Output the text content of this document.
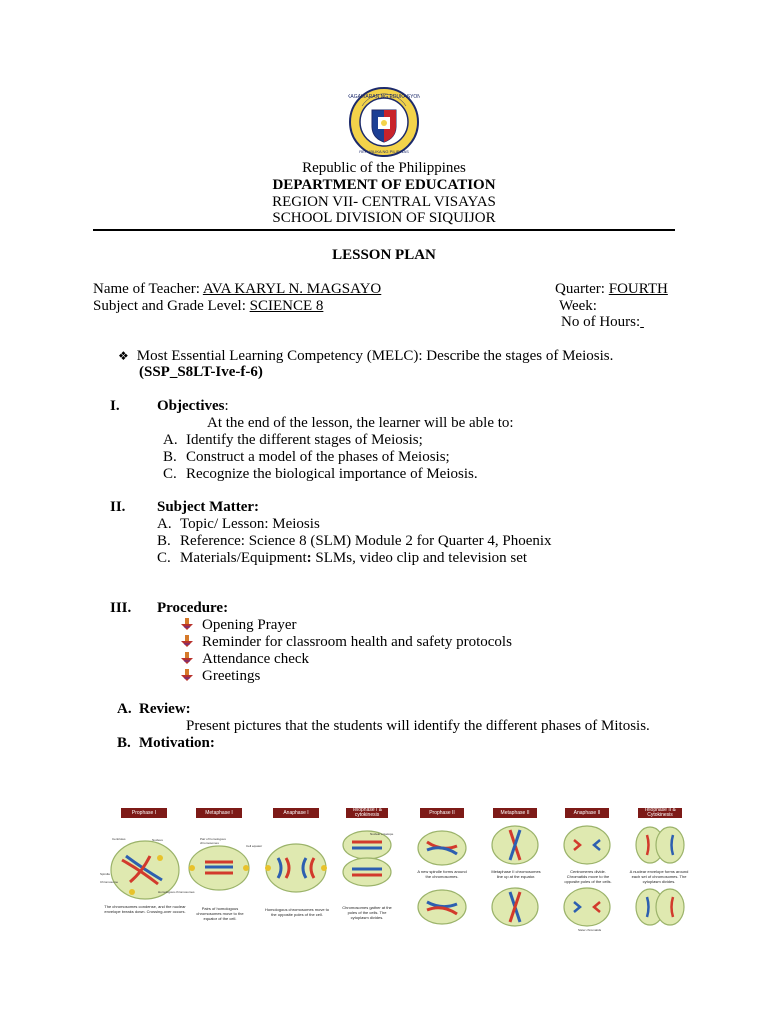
KAGAWARAN NG EDUKASYON
REPUBLIKA NG PILIPINAS
Republic of the Philippines
DEPARTMENT OF EDUCATION
REGION VII- CENTRAL VISAYAS
SCHOOL DIVISION OF SIQUIJOR
LESSON PLAN
Name of Teacher: AVA KARYL N. MAGSAYO
Subject and Grade Level: SCIENCE 8
Quarter: FOURTH
Week:
No of Hours:
❖ Most Essential Learning Competency (MELC): Describe the stages of Meiosis.
(SSP_S8LT-Ive-f-6)
I. Objectives:
At the end of the lesson, the learner will be able to:
A. Identify the different stages of Meiosis;
B. Construct a model of the phases of Meiosis;
C. Recognize the biological importance of Meiosis.
II. Subject Matter:
A. Topic/ Lesson: Meiosis
B. Reference: Science 8 (SLM) Module 2 for Quarter 4, Phoenix
C. Materials/Equipment: SLMs, video clip and television set
III. Procedure:
Opening Prayer
Reminder for classroom health and safety protocols
Attendance check
Greetings
A. Review:
Present pictures that the students will identify the different phases of Mitosis.
B. Motivation:
Prophase I	Metaphase I	Anaphase I	Telophase I & cytokinesis	Prophase II	Metaphase II	Anaphase II	Telophase II & Cytokinesis
Centrioles	Nucleus
Spindle
Chromosome
Homologous chromosomes
Pair of homologous chromosomes
Cell equator
Nuclear envelope
Sister chromatids
The chromosomes condense, and the nuclear envelope breaks down. Crossing-over occurs.
Pairs of homologous chromosomes move to the equator of the cell.
Homologous chromosomes move to the opposite poles of the cell.
Chromosomes gather at the poles of the cells. The cytoplasm divides.
A new spindle forms around the chromosomes.
Metaphase II chromosomes line up at the equator.
Centromeres divide. Chromatids move to the opposite poles of the cells.
A nuclear envelope forms around each set of chromosomes. The cytoplasm divides.
